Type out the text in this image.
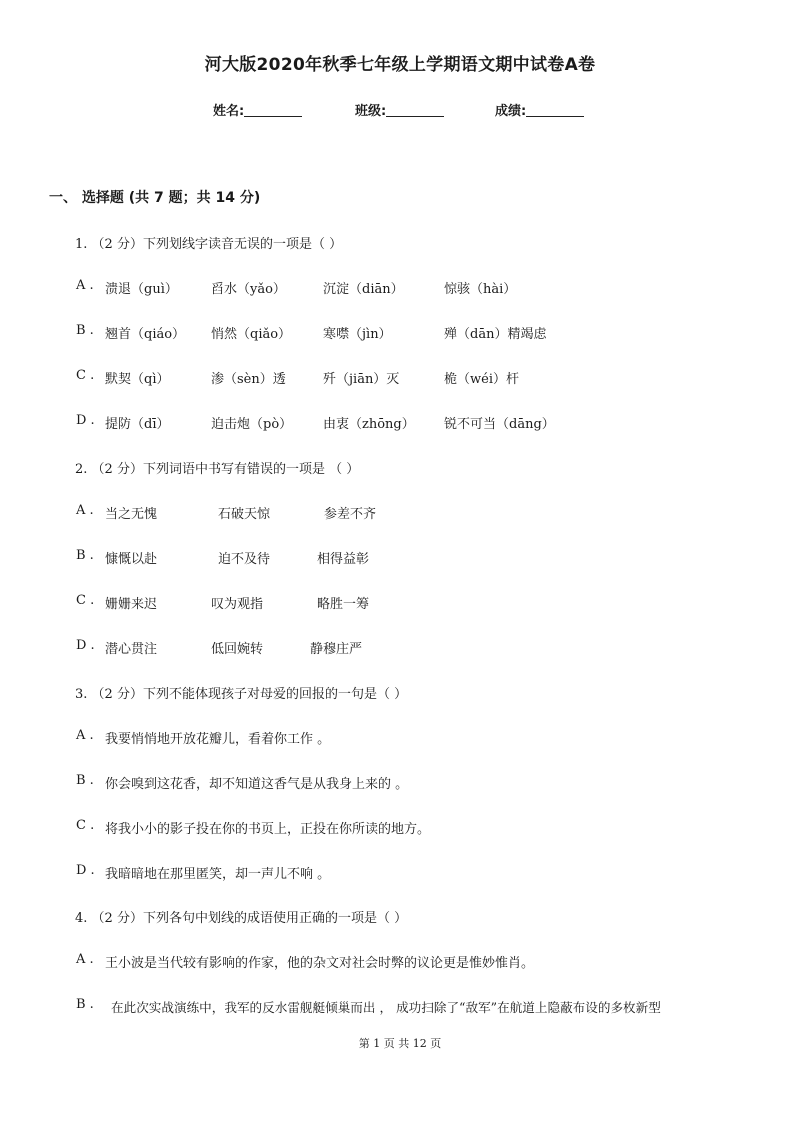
河大版2020年秋季七年级上学期语文期中试卷A卷
姓名:	班级:	成绩:
一、 选择题 (共 7 题；共 14 分)
1. （2 分）下列划线字读音无误的一项是（ ）
A . 溃退（guì）	舀水（yǎo）	沉淀（diān）	惊骇（hài）
B . 翘首（qiáo） 悄然（qiǎo） 寒噤（jìn）	殚（dān）精竭虑
C . 默契（qì）	渗（sèn）透	歼（jiān）灭	桅（wéi）杆
D . 提防（dī）	迫击炮（pò） 由衷（zhōng） 锐不可当（dāng）
2. （2 分）下列词语中书写有错误的一项是 （ ）
A . 当之无愧	石破天惊	参差不齐
B . 慷慨以赴	迫不及待	相得益彰
C . 姗姗来迟	叹为观指	略胜一筹
D . 潜心贯注	低回婉转	静穆庄严
3. （2 分）下列不能体现孩子对母爱的回报的一句是（ ）
A . 我要悄悄地开放花瓣儿，看着你工作 。
B . 你会嗅到这花香，却不知道这香气是从我身上来的 。
C . 将我小小的影子投在你的书页上，正投在你所读的地方。
D . 我暗暗地在那里匿笑，却一声儿不响 。
4. （2 分）下列各句中划线的成语使用正确的一项是（ ）
A . 王小波是当代较有影响的作家，他的杂文对社会时弊的议论更是惟妙惟肖。
B . 在此次实战演练中，我军的反水雷舰艇倾巢而出 ， 成功扫除了“敌军”在航道上隐蔽布设的多枚新型
第 1 页 共 12 页
